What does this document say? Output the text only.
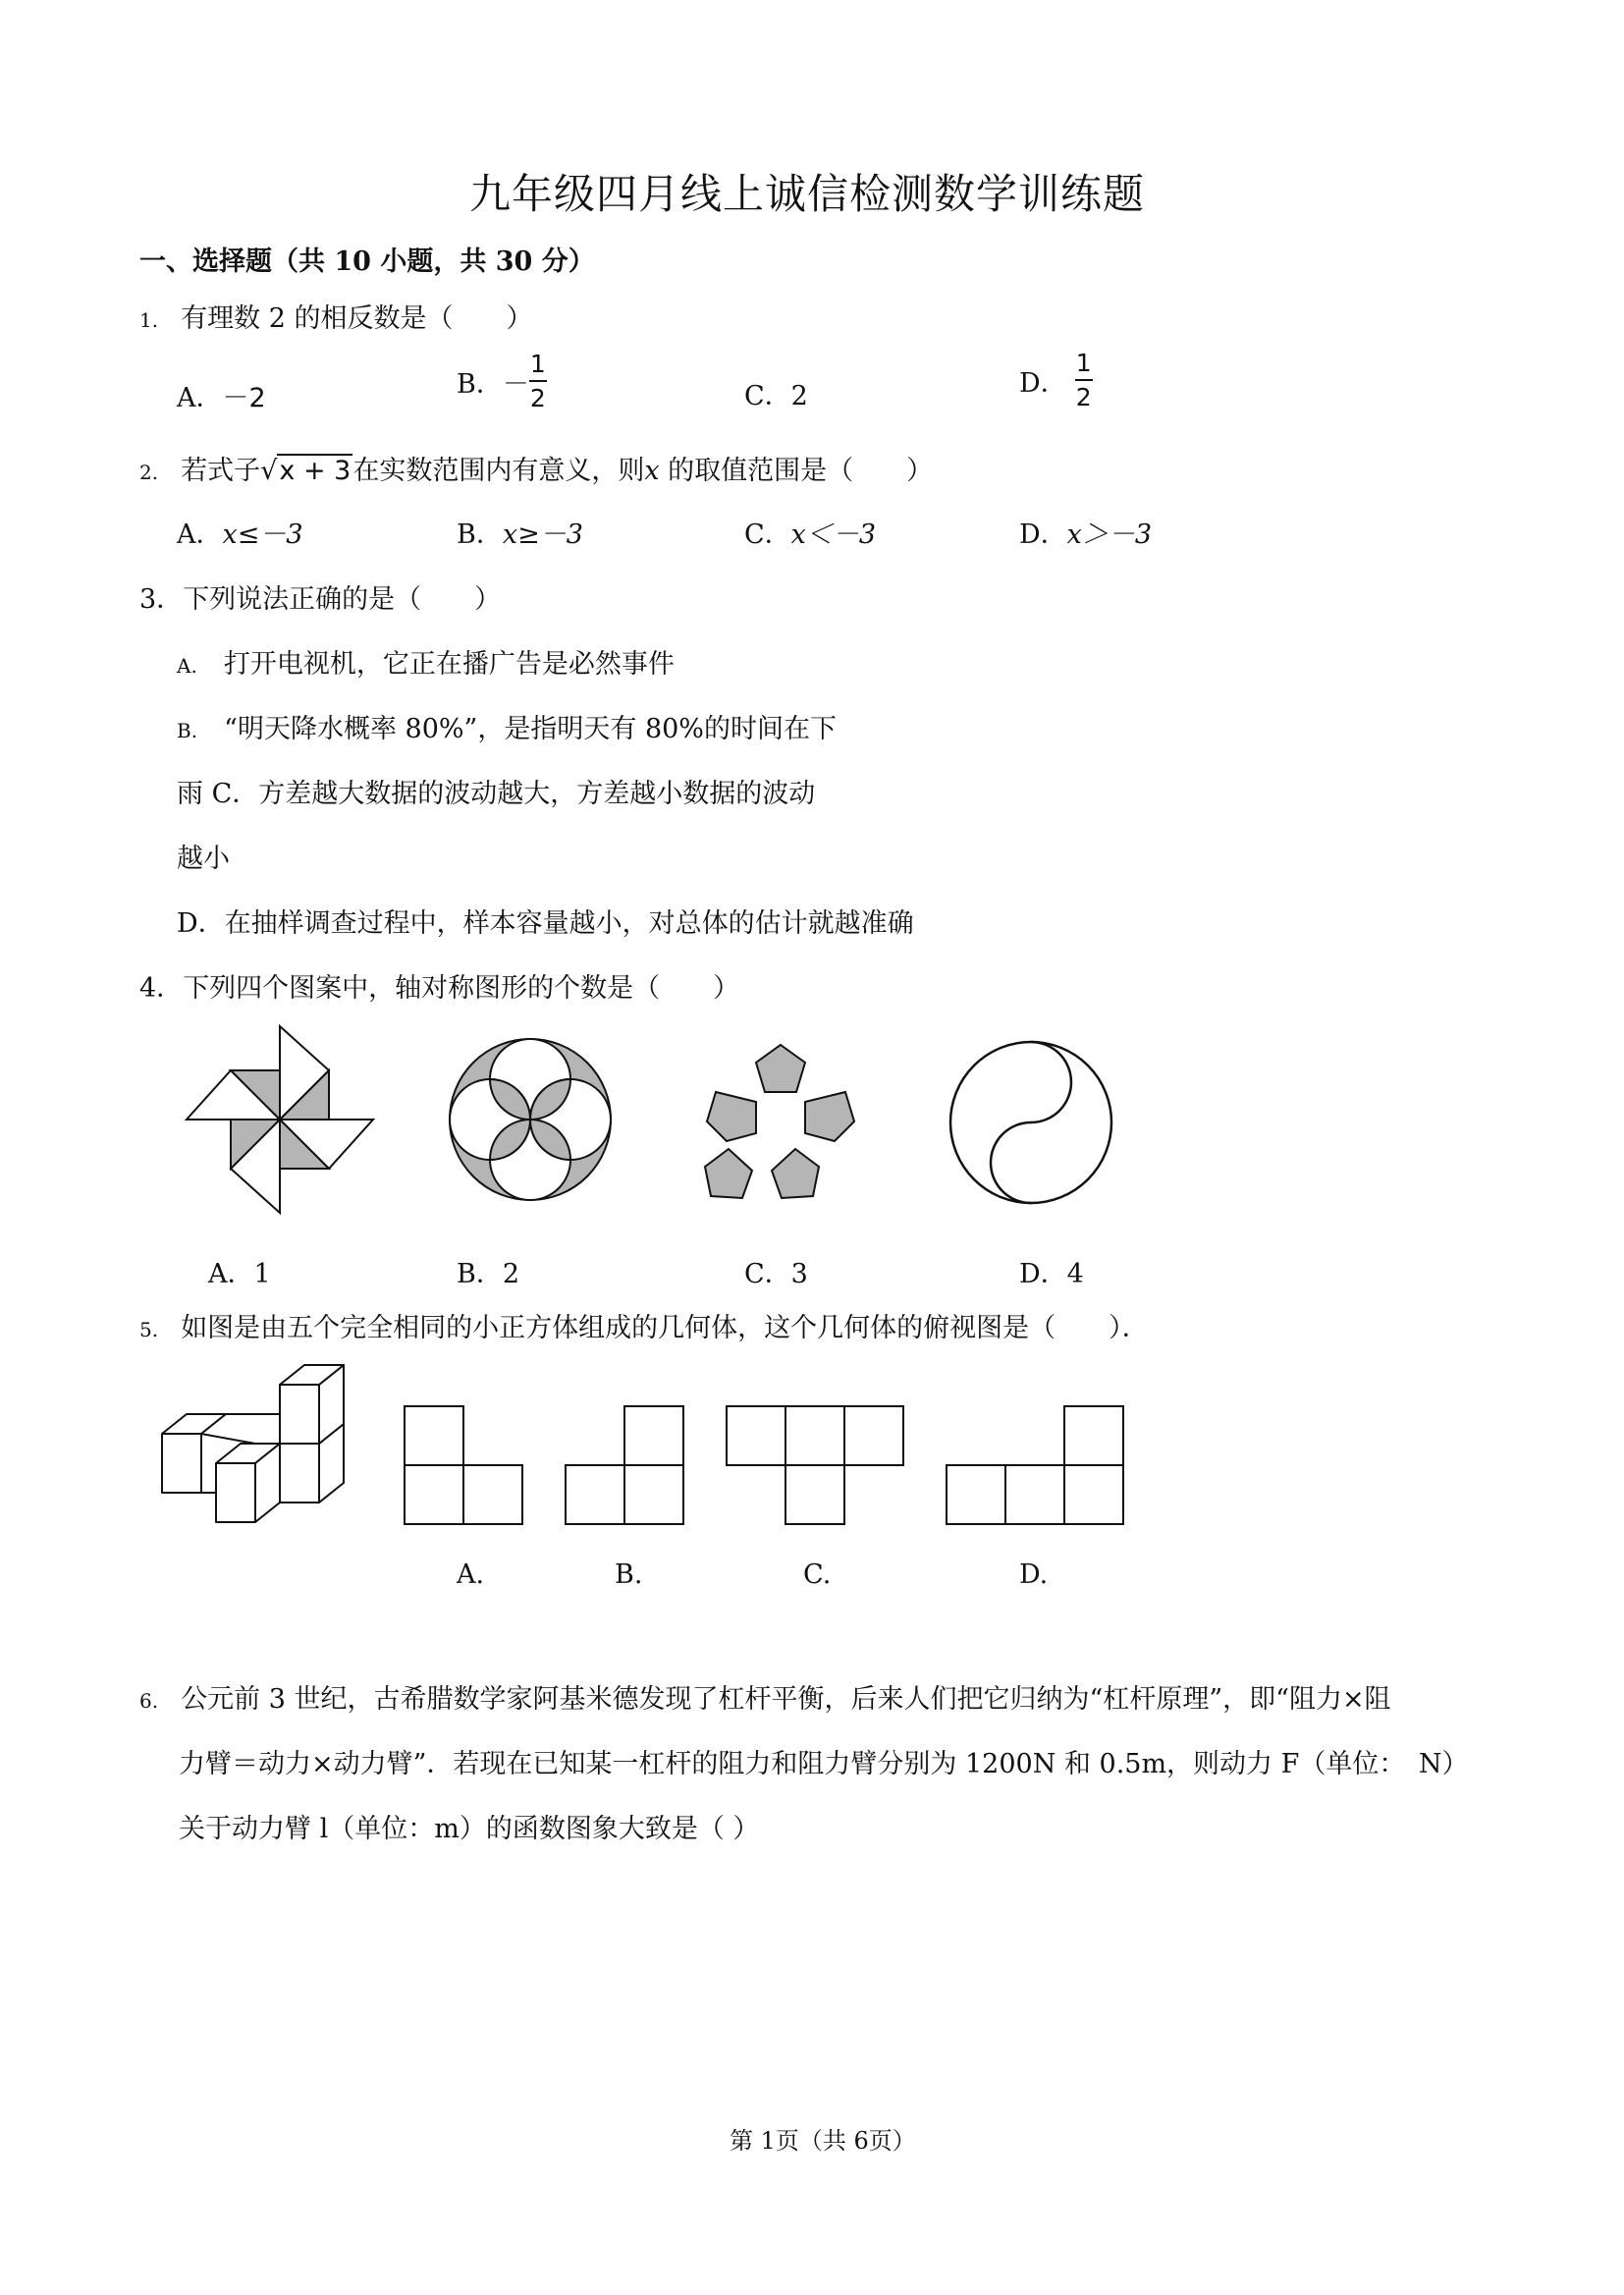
九年级四月线上诚信检测数学训练题
一、选择题（共 10 小题，共 30 分）
1. 有理数 2 的相反数是（　　）
A．－2	B． － $\frac{1}{2}$	C．2	D． $\frac{1}{2}$
2. 若式子√x + 3在实数范围内有意义，则x 的取值范围是（　　）
A．x≤－3	B．x≥－3	C．x＜－3	D．x＞－3
3．下列说法正确的是（　　）
A. 打开电视机，它正在播广告是必然事件
B. “明天降水概率 80%”，是指明天有 80%的时间在下
雨 C．方差越大数据的波动越大，方差越小数据的波动
越小
D．在抽样调查过程中，样本容量越小，对总体的估计就越准确
4．下列四个图案中，轴对称图形的个数是（　　）
A．1	B．2	C．3	D．4
5. 如图是由五个完全相同的小正方体组成的几何体，这个几何体的俯视图是（　　）．
A.	B.	C.	D.
6. 公元前 3 世纪，古希腊数学家阿基米德发现了杠杆平衡，后来人们把它归纳为“杠杆原理”，即“阻力×阻
力臂＝动力×动力臂”．若现在已知某一杠杆的阻力和阻力臂分别为 1200N 和 0.5m，则动力 F（单位：　N）
关于动力臂 l（单位：m）的函数图象大致是（ ）
第 1页（共 6页）
